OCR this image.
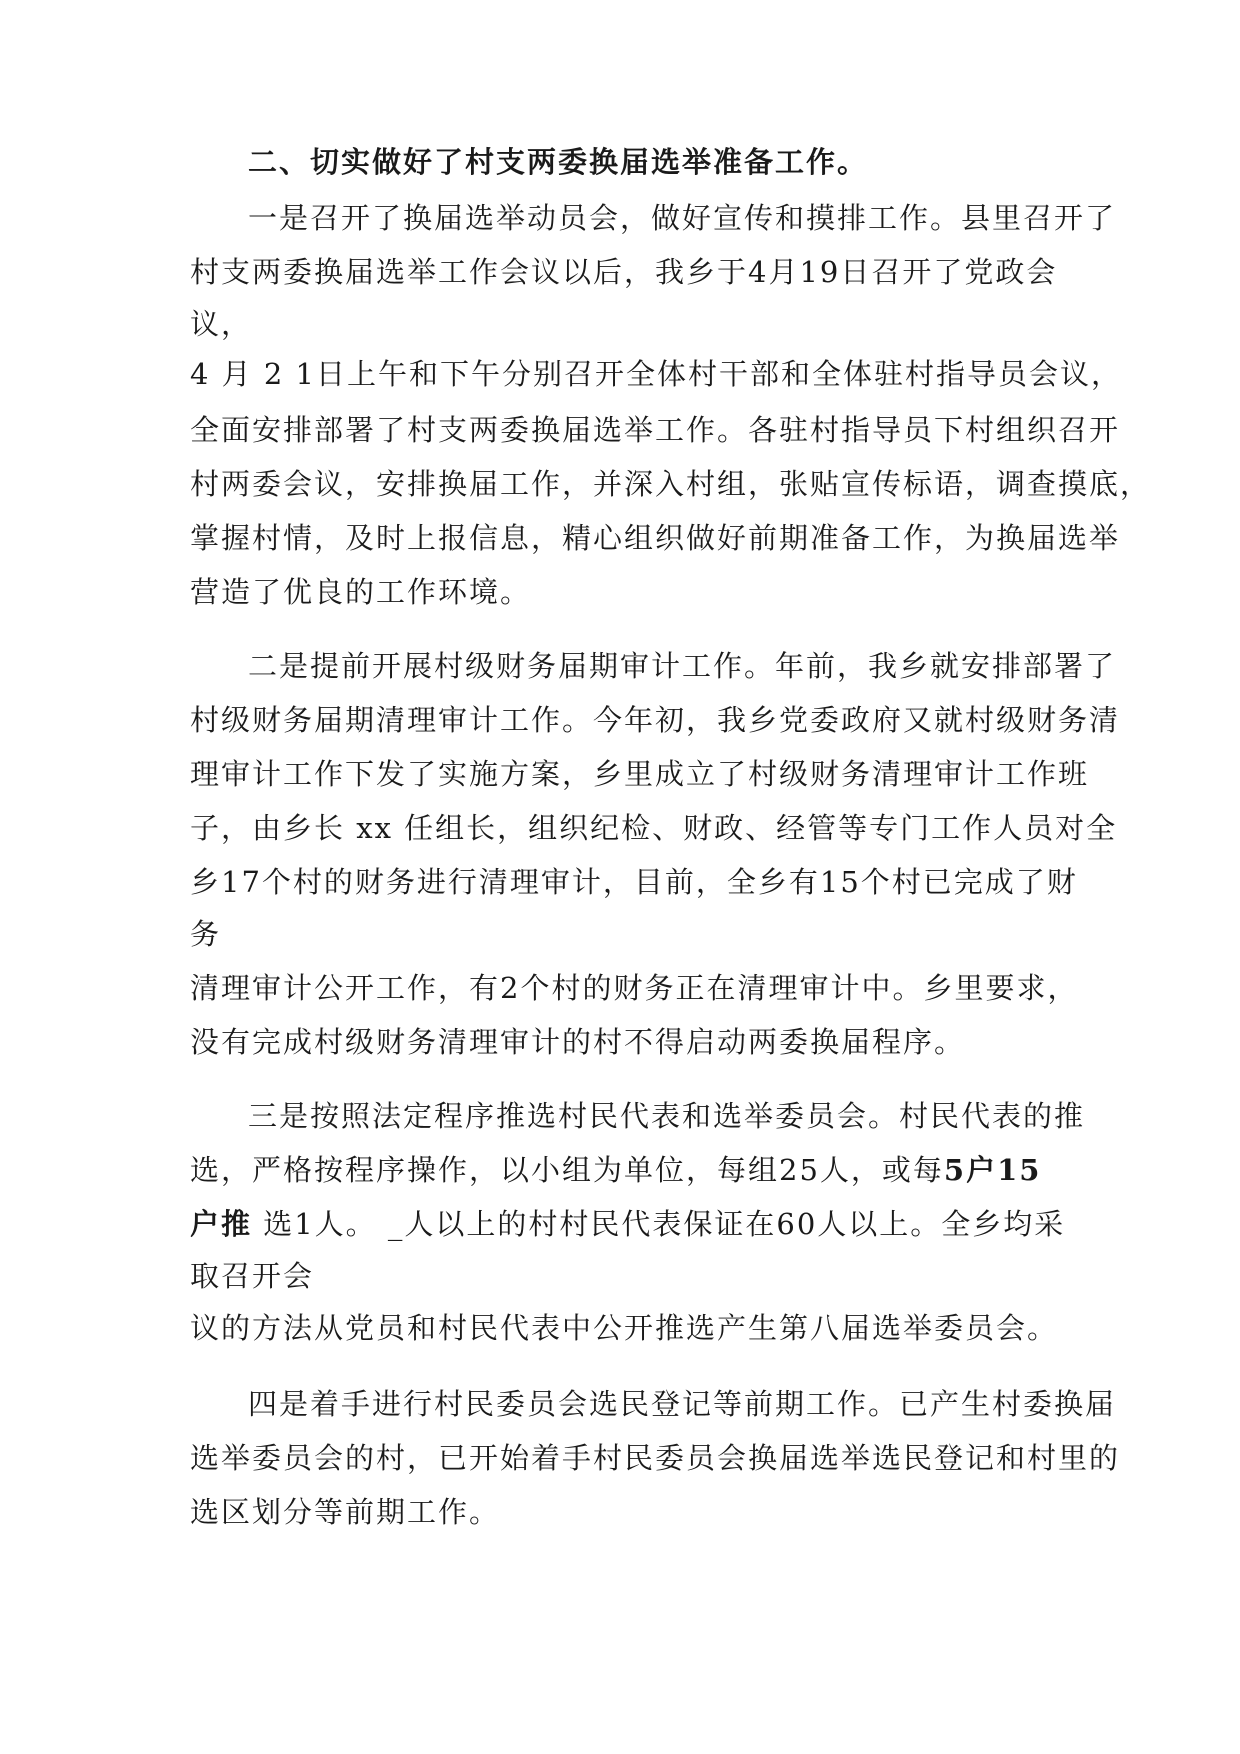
二、切实做好了村支两委换届选举准备工作。
一是召开了换届选举动员会，做好宣传和摸排工作。县里召开了
村支两委换届选举工作会议以后，我乡于4月19日召开了党政会
议，
4 月 2 1日上午和下午分别召开全体村干部和全体驻村指导员会议，
全面安排部署了村支两委换届选举工作。各驻村指导员下村组织召开
村两委会议，安排换届工作，并深入村组，张贴宣传标语，调查摸底，
掌握村情，及时上报信息，精心组织做好前期准备工作，为换届选举
营造了优良的工作环境。
二是提前开展村级财务届期审计工作。年前，我乡就安排部署了
村级财务届期清理审计工作。今年初，我乡党委政府又就村级财务清
理审计工作下发了实施方案，乡里成立了村级财务清理审计工作班
子，由乡长 xx 任组长，组织纪检、财政、经管等专门工作人员对全
乡17个村的财务进行清理审计，目前，全乡有15个村已完成了财
务
清理审计公开工作，有2个村的财务正在清理审计中。乡里要求，
没有完成村级财务清理审计的村不得启动两委换届程序。
三是按照法定程序推选村民代表和选举委员会。村民代表的推
选，严格按程序操作，以小组为单位，每组25人，或每5户15
户推 选1人。 _人以上的村村民代表保证在60人以上。全乡均采
取召开会
议的方法从党员和村民代表中公开推选产生第八届选举委员会。
四是着手进行村民委员会选民登记等前期工作。已产生村委换届
选举委员会的村，已开始着手村民委员会换届选举选民登记和村里的
选区划分等前期工作。
